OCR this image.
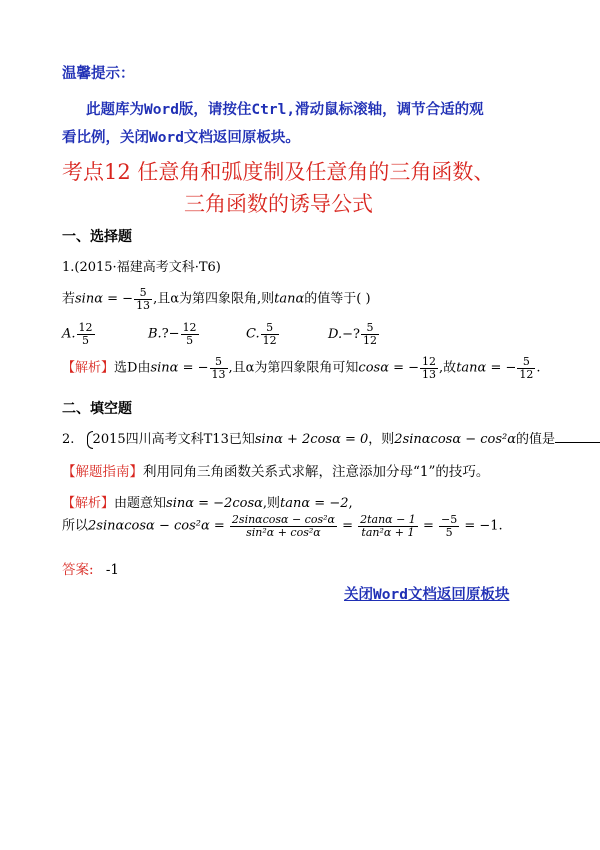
温馨提示：
此题库为Word版，请按住Ctrl,滑动鼠标滚轴，调节合适的观
看比例，关闭Word文档返回原板块。
考点12 任意角和弧度制及任意角的三角函数、
三角函数的诱导公式
一、选择题
1.(2015·福建高考文科·T6)
若sinα = − $\frac{5}{13}$ ,且α为第四象限角,则tanα的值等于( )
A. $\frac{12}{5}$	B.?− $\frac{12}{5}$	C. $\frac{5}{12}$	D.−? $\frac{5}{12}$
【解析】选D由sinα = − $\frac{5}{13}$ ,且α为第四象限角可知cosα = − $\frac{12}{13}$ ,故tanα = − $\frac{5}{12}$ .
二、填空题
2. 2015四川高考文科T13已知sinα + 2cosα = 0，则2sinαcosα − cos²α的值是
【解题指南】利用同角三角函数关系式求解，注意添加分母“1”的技巧。
【解析】由题意知sinα = −2cosα,则tanα = −2,
所以$2\sin\alpha\cos\alpha - \cos^2\alpha = \frac{\text{2sinαcosα − cos²α}}{\text{sin²α + cos²α}} = \frac{2\tan\alpha - 1}{\text{tan²α + 1}} = \frac{-5}{5} = -1$.
答案: -1
关闭Word文档返回原板块
